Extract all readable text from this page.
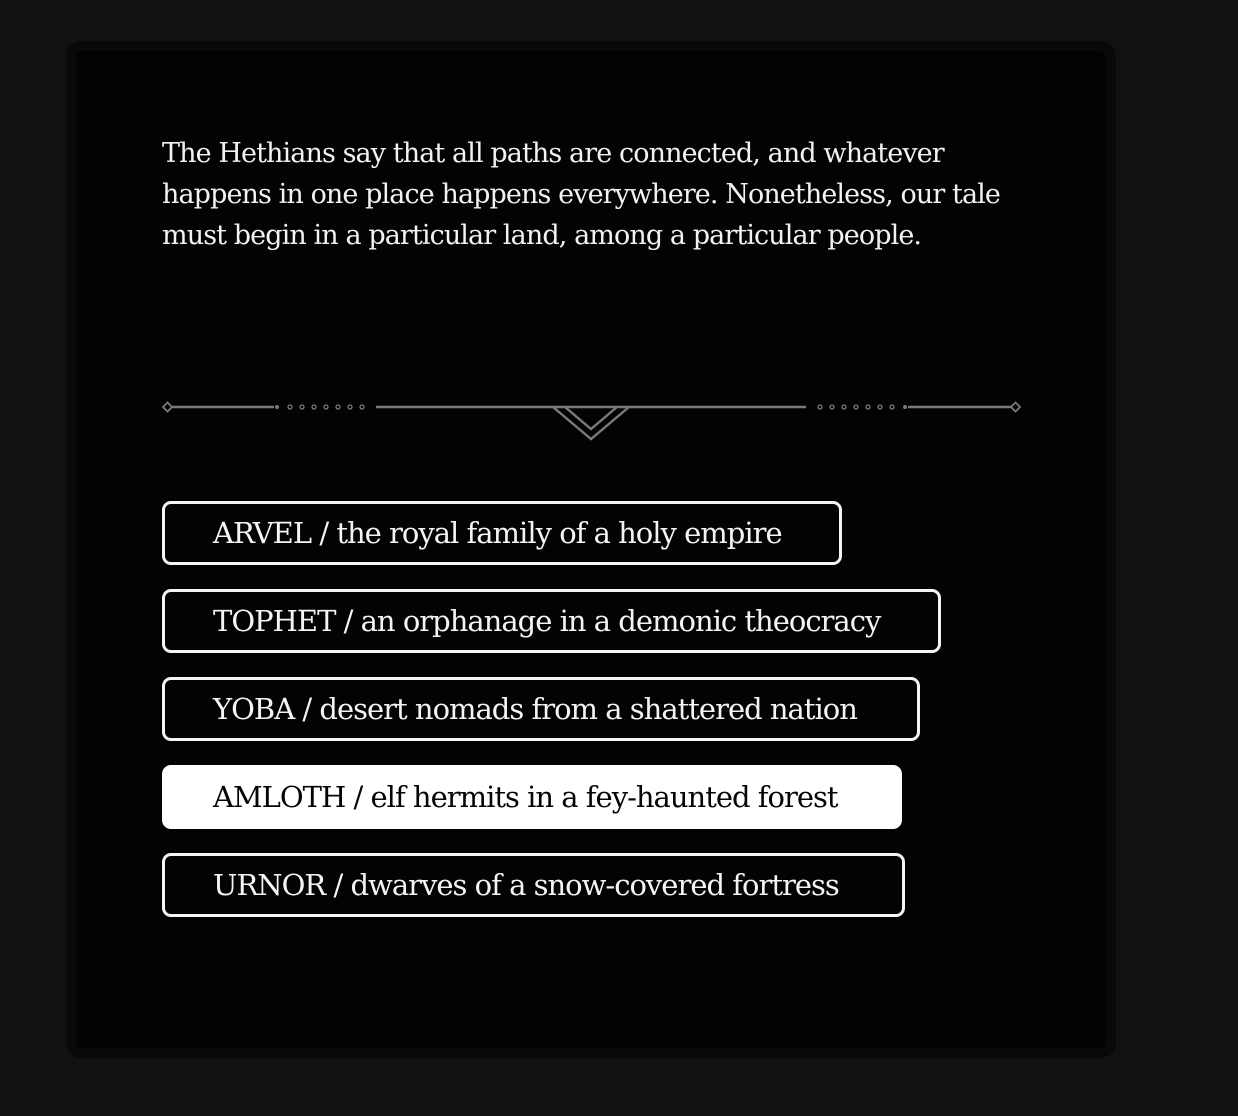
The Hethians say that all paths are connected, and whatever happens in one place happens everywhere. Nonetheless, our tale must begin in a particular land, among a particular people.

ARVEL / the royal family of a holy empire
TOPHET / an orphanage in a demonic theocracy
YOBA / desert nomads from a shattered nation
AMLOTH / elf hermits in a fey-haunted forest
URNOR / dwarves of a snow-covered fortress
